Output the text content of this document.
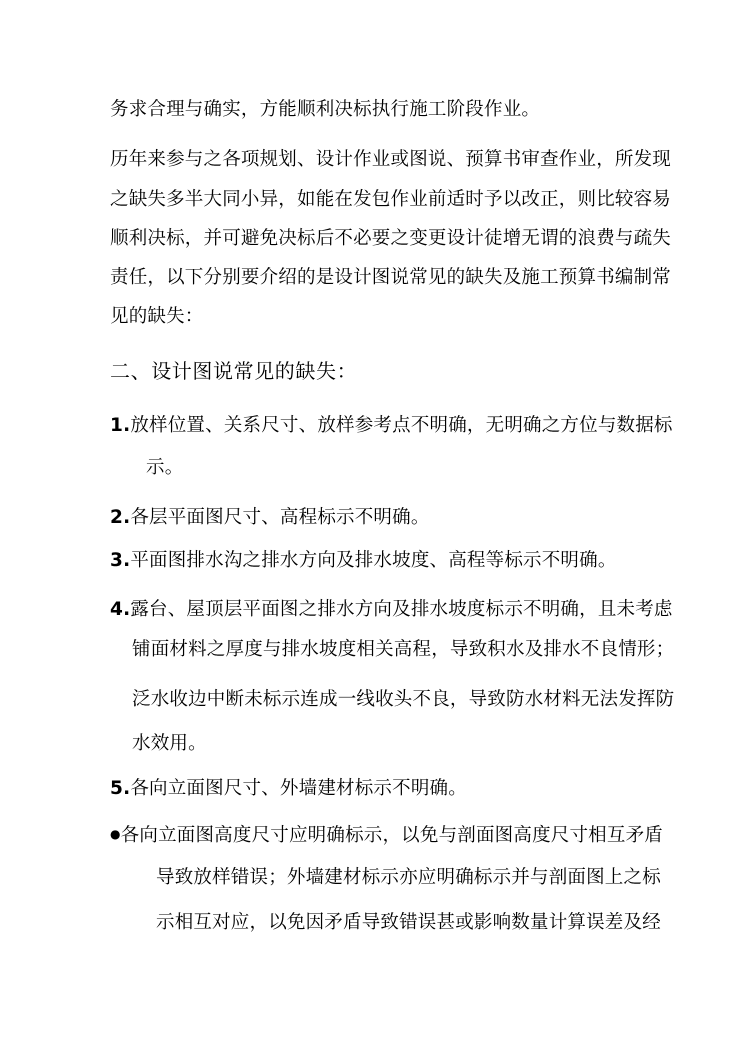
务求合理与确实，方能顺利决标执行施工阶段作业。
历年来参与之各项规划、设计作业或图说、预算书审查作业，所发现
之缺失多半大同小异，如能在发包作业前适时予以改正，则比较容易
顺利决标，并可避免决标后不必要之变更设计徒增无谓的浪费与疏失
责任，以下分别要介绍的是设计图说常见的缺失及施工预算书编制常
见的缺失：
二、设计图说常见的缺失：
1.放样位置、关系尺寸、放样参考点不明确，无明确之方位与数据标
示。
2.各层平面图尺寸、高程标示不明确。
3.平面图排水沟之排水方向及排水坡度、高程等标示不明确。
4.露台、屋顶层平面图之排水方向及排水坡度标示不明确，且未考虑
铺面材料之厚度与排水坡度相关高程，导致积水及排水不良情形；
泛水收边中断未标示连成一线收头不良，导致防水材料无法发挥防
水效用。
5.各向立面图尺寸、外墙建材标示不明确。
●各向立面图高度尺寸应明确标示，以免与剖面图高度尺寸相互矛盾
导致放样错误；外墙建材标示亦应明确标示并与剖面图上之标
示相互对应，以免因矛盾导致错误甚或影响数量计算误差及经
